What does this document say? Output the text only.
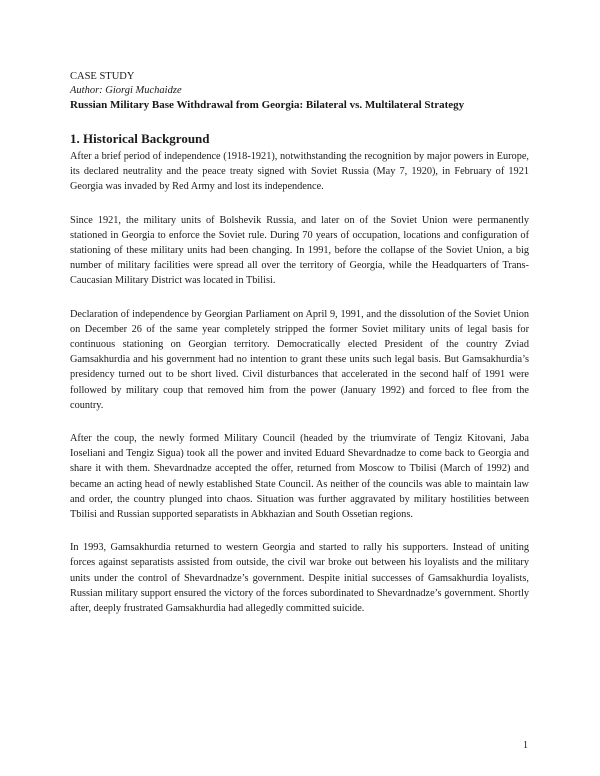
CASE STUDY

Author: Giorgi Muchaidze

Russian Military Base Withdrawal from Georgia: Bilateral vs. Multilateral Strategy

1. Historical Background

After a brief period of independence (1918-1921), notwithstanding the recognition by major powers in Europe, its declared neutrality and the peace treaty signed with Soviet Russia (May 7, 1920), in February of 1921 Georgia was invaded by Red Army and lost its independence.

Since 1921, the military units of Bolshevik Russia, and later on of the Soviet Union were permanently stationed in Georgia to enforce the Soviet rule. During 70 years of occupation, locations and configuration of stationing of these military units had been changing. In 1991, before the collapse of the Soviet Union, a big number of military facilities were spread all over the territory of Georgia, while the Headquarters of Trans-Caucasian Military District was located in Tbilisi.

Declaration of independence by Georgian Parliament on April 9, 1991, and the dissolution of the Soviet Union on December 26 of the same year completely stripped the former Soviet military units of legal basis for continuous stationing on Georgian territory. Democratically elected President of the country Zviad Gamsakhurdia and his government had no intention to grant these units such legal basis. But Gamsakhurdia’s presidency turned out to be short lived. Civil disturbances that accelerated in the second half of 1991 were followed by military coup that removed him from the power (January 1992) and forced to flee from the country.

After the coup, the newly formed Military Council (headed by the triumvirate of Tengiz Kitovani, Jaba Ioseliani and Tengiz Sigua) took all the power and invited Eduard Shevardnadze to come back to Georgia and share it with them. Shevardnadze accepted the offer, returned from Moscow to Tbilisi (March of 1992) and became an acting head of newly established State Council. As neither of the councils was able to maintain law and order, the country plunged into chaos. Situation was further aggravated by military hostilities between Tbilisi and Russian supported separatists in Abkhazian and South Ossetian regions.

In 1993, Gamsakhurdia returned to western Georgia and started to rally his supporters. Instead of uniting forces against separatists assisted from outside, the civil war broke out between his loyalists and the military units under the control of Shevardnadze’s government. Despite initial successes of Gamsakhurdia loyalists, Russian military support ensured the victory of the forces subordinated to Shevardnadze’s government. Shortly after, deeply frustrated Gamsakhurdia had allegedly committed suicide.

1
